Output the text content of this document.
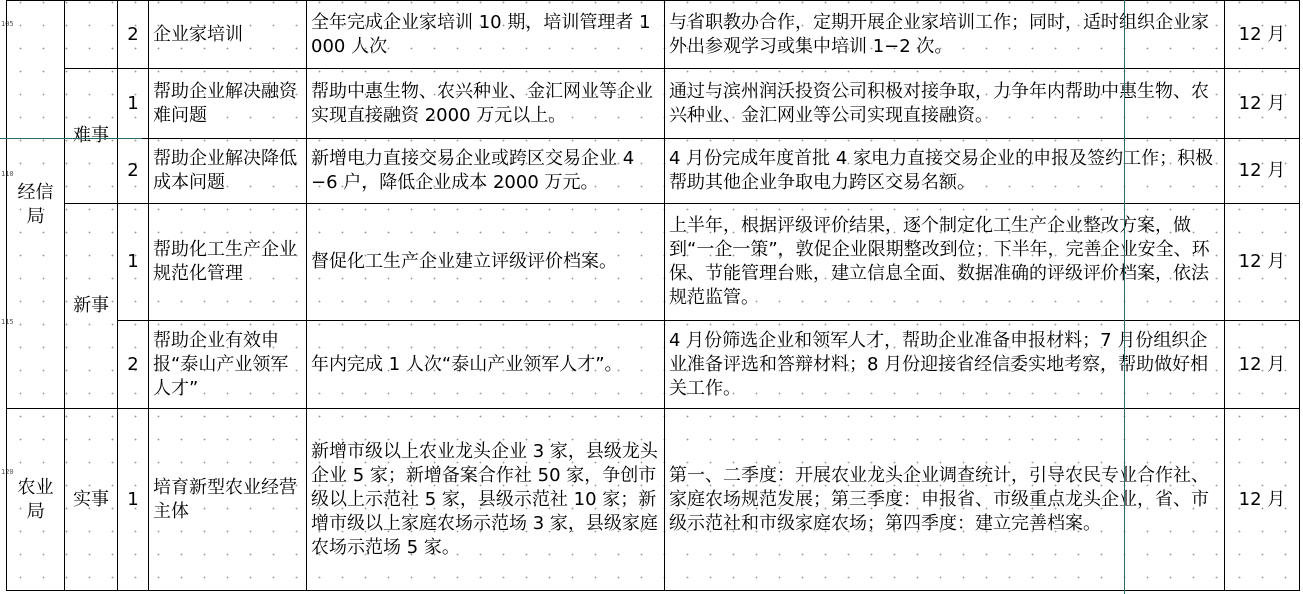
105
110
115
120
经信局		2	企业家培训	全年完成企业家培训 10 期，培训管理者 1000 人次	与省职教办合作，定期开展企业家培训工作；同时，适时组织企业家外出参观学习或集中培训 1−2 次。	12 月
	难事	1	帮助企业解决融资难问题	帮助中惠生物、农兴种业、金汇网业等企业实现直接融资 2000 万元以上。	通过与滨州润沃投资公司积极对接争取，力争年内帮助中惠生物、农兴种业、金汇网业等公司实现直接融资。	12 月
		2	帮助企业解决降低成本问题	新增电力直接交易企业或跨区交易企业 4−6 户，降低企业成本 2000 万元。	4 月份完成年度首批 4 家电力直接交易企业的申报及签约工作；积极帮助其他企业争取电力跨区交易名额。	12 月
	新事	1	帮助化工生产企业规范化管理	督促化工生产企业建立评级评价档案。	上半年，根据评级评价结果，逐个制定化工生产企业整改方案，做到“一企一策”，敦促企业限期整改到位；下半年，完善企业安全、环保、节能管理台账，建立信息全面、数据准确的评级评价档案，依法规范监管。	12 月
		2	帮助企业有效申报“泰山产业领军人才”	年内完成 1 人次“泰山产业领军人才”。	4 月份筛选企业和领军人才，帮助企业准备申报材料；7 月份组织企业准备评选和答辩材料；8 月份迎接省经信委实地考察，帮助做好相关工作。	12 月
农业局	实事	1	培育新型农业经营主体	新增市级以上农业龙头企业 3 家，县级龙头企业 5 家；新增备案合作社 50 家，争创市级以上示范社 5 家，县级示范社 10 家；新增市级以上家庭农场示范场 3 家，县级家庭农场示范场 5 家。	第一、二季度：开展农业龙头企业调查统计，引导农民专业合作社、家庭农场规范发展；第三季度：申报省、市级重点龙头企业，省、市级示范社和市级家庭农场；第四季度：建立完善档案。	12 月
